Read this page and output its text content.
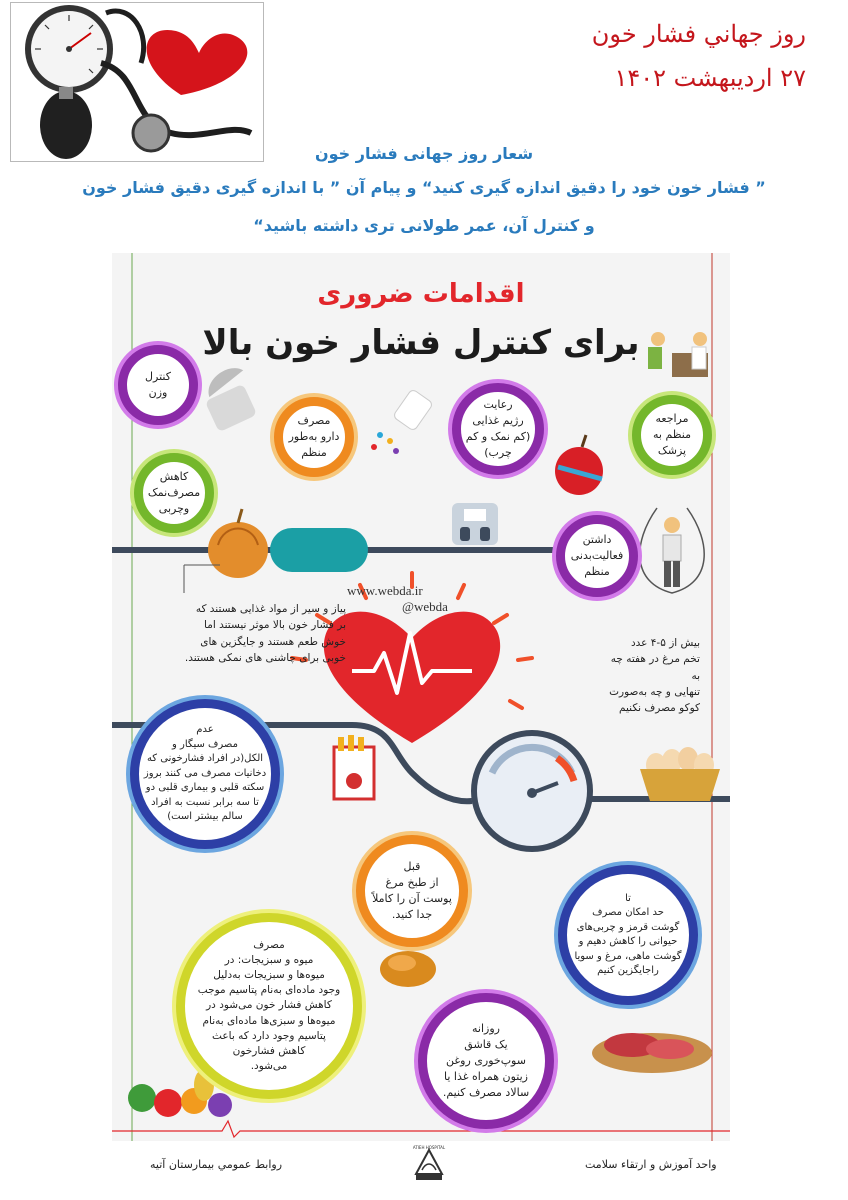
روز جهاني فشار خون
۲۷ اردیبهشت ۱۴۰۲
شعار روز جهانی فشار خون
” فشار خون خود را دقیق اندازه گیری کنید“ و پیام آن ” با اندازه گیری دقیق فشار خون
و کنترل آن، عمر طولانی تری داشته باشید“
اقدامات ضروری
برای کنترل فشار خون بالا
www.webda.ir
@webda
کنترل
وزن
مصرف
دارو به‌طور
منظم
رعایت
رژیم غذایی
(کم نمک و کم
چرب)
مراجعه
منظم به
پزشک
کاهش
مصرف‌نمک
و‌چربی
داشتن
فعالیت‌بدنی
منظم
عدم
مصرف سیگار و
الکل(در افراد فشارخونی که
دخانیات مصرف می کنند بروز
سکته قلبی و بیماری قلبی دو
تا سه برابر نسبت به افراد
سالم بیشتر است)
قبل
از طبخ مرغ
پوست آن را کاملاً
جدا کنید.
تا
حد امکان مصرف
گوشت قرمز و چربی‌های
حیوانی را کاهش دهیم و
گوشت ماهی، مرغ و سویا
راجایگزین کنیم
مصرف
میوه و سبزیجات: در
میوه‌ها و سبزیجات به‌دلیل
وجود ماده‌ای به‌نام پتاسیم موجب
کاهش فشار خون می‌شود در
میوه‌ها و سبزی‌ها ماده‌ای به‌نام
پتاسیم وجود دارد که باعث
کاهش فشارخون
می‌شود.
روزانه
یک قاشق
سوپ‌خوری روغن
زیتون همراه غذا یا
سالاد مصرف کنیم.
پیاز و سیر از مواد غذایی هستند که
بر فشار خون بالا موثر نیستند اما
خوش طعم هستند و جایگزین های
خوبی برای چاشنی های نمکی هستند.
بیش از ۵-۴ عدد
تخم مرغ در هفته چه به
تنهایی و چه به‌صورت
کوکو مصرف نکنیم
روابط عمومي بيمارستان آتيه
ATIEH HOSPITAL
واحد آموزش و ارتقاء سلامت
